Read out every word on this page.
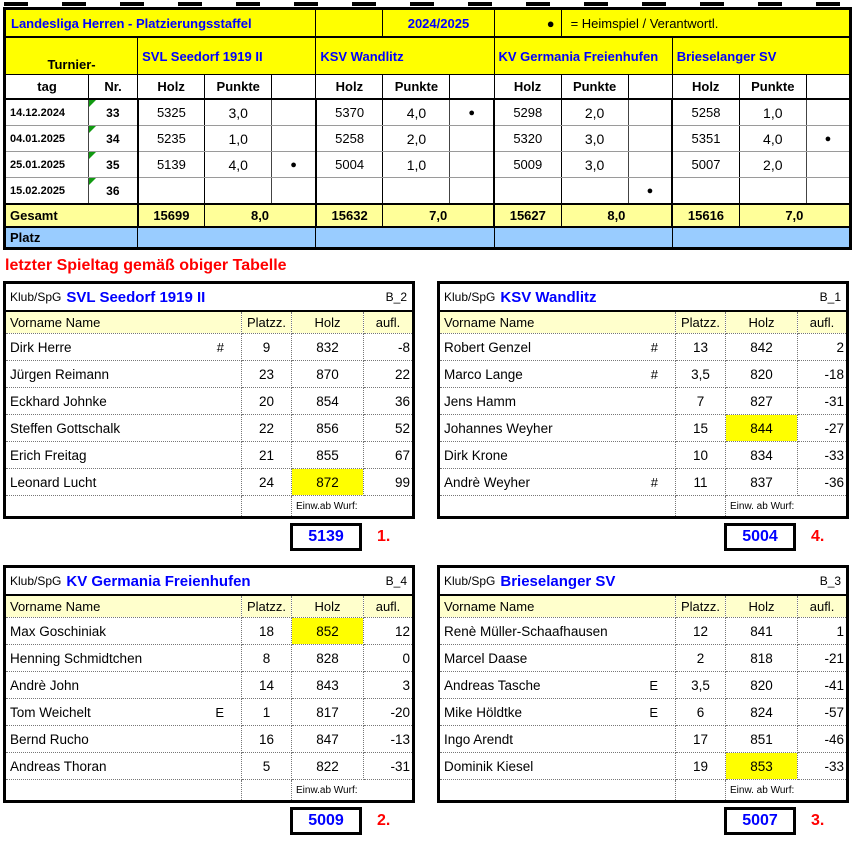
Landesliga Herren - Platzierungsstaffel						2024/2025		●	= Heimspiel / Verantwortl.				
Turnier-		SVL Seedorf 1919 II			KSV Wandlitz			KV Germania Freienhufen			Brieselanger SV		
tag	Nr.	Holz	Punkte		Holz	Punkte		Holz	Punkte		Holz	Punkte	
14.12.2024	33	5325	3,0		5370	4,0	●	5298	2,0		5258	1,0	
04.01.2025	34	5235	1,0		5258	2,0		5320	3,0		5351	4,0	●
25.01.2025	35	5139	4,0	●	5004	1,0		5009	3,0		5007	2,0	
15.02.2025	36									●			
Gesamt		15699	8,0		15632	7,0		15627	8,0		15616	7,0	
Platz													
letzter Spieltag gemäß obiger Tabelle
Klub/SpG SVL Seedorf 1919 II B_2			

Vorname Name	Platzz.	Holz	aufl.

Dirk Herre #	9	832	-8

Jürgen Reimann	23	870	22

Eckhard Johnke	20	854	36

Steffen Gottschalk	22	856	52

Erich Freitag	21	855	67

Leonard Lucht	24	872	99
		Einw.ab Wurf:	
5139	1.
Klub/SpG KSV Wandlitz B_1			

Vorname Name	Platzz.	Holz	aufl.

Robert Genzel #	13	842	2

Marco Lange #	3,5	820	-18

Jens Hamm	7	827	-31

Johannes Weyher	15	844	-27

Dirk Krone	10	834	-33

Andrè Weyher #	11	837	-36
		Einw. ab Wurf:	
5004	4.
Klub/SpG KV Germania Freienhufen B_4			

Vorname Name	Platzz.	Holz	aufl.

Max Goschiniak	18	852	12

Henning Schmidtchen	8	828	0

Andrè John	14	843	3

Tom Weichelt E	1	817	-20

Bernd Rucho	16	847	-13

Andreas Thoran	5	822	-31
		Einw.ab Wurf:	
5009	2.
Klub/SpG Brieselanger SV B_3			

Vorname Name	Platzz.	Holz	aufl.

Renè Müller-Schaafhausen	12	841	1

Marcel Daase	2	818	-21

Andreas Tasche E	3,5	820	-41

Mike Höldtke E	6	824	-57

Ingo Arendt	17	851	-46

Dominik Kiesel	19	853	-33
		Einw. ab Wurf:	
5007	3.
